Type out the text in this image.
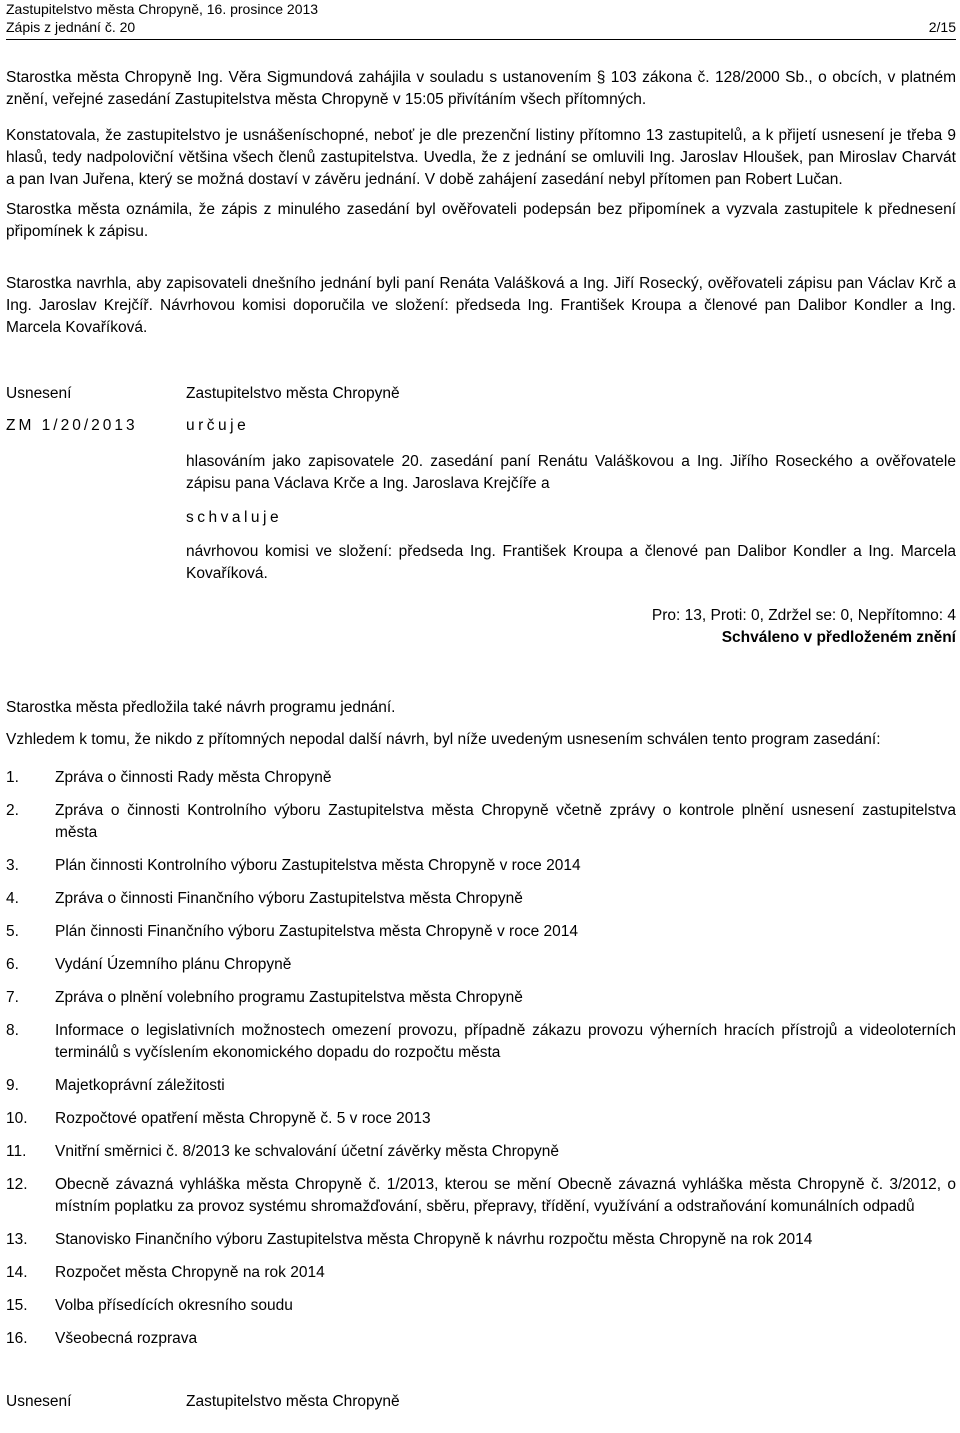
Zastupitelstvo města Chropyně, 16. prosince 2013
Zápis z jednání č. 20	2/15

Starostka města Chropyně Ing. Věra Sigmundová zahájila v souladu s ustanovením § 103 zákona č. 128/2000 Sb., o obcích, v platném znění, veřejné zasedání Zastupitelstva města Chropyně v 15:05 přivítáním všech přítomných.

Konstatovala, že zastupitelstvo je usnášeníschopné, neboť je dle prezenční listiny přítomno 13 zastupitelů, a k přijetí usnesení je třeba 9 hlasů, tedy nadpoloviční většina všech členů zastupitelstva. Uvedla, že z jednání se omluvili Ing. Jaroslav Hloušek, pan Miroslav Charvát a pan Ivan Juřena, který se možná dostaví v závěru jednání. V době zahájení zasedání nebyl přítomen pan Robert Lučan.

Starostka města oznámila, že zápis z minulého zasedání byl ověřovateli podepsán bez připomínek a vyzvala zastupitele k přednesení připomínek k zápisu.

Starostka navrhla, aby zapisovateli dnešního jednání byli paní Renáta Valášková a Ing. Jiří Rosecký, ověřovateli zápisu pan Václav Krč a Ing. Jaroslav Krejčíř. Návrhovou komisi doporučila ve složení: předseda Ing. František Kroupa a členové pan Dalibor Kondler a Ing. Marcela Kovaříková.

Usnesení	Zastupitelstvo města Chropyně
ZM 1/20/2013	určuje

hlasováním jako zapisovatele 20. zasedání paní Renátu Valáškovou a Ing. Jiřího Roseckého a ověřovatele zápisu pana Václava Krče a Ing. Jaroslava Krejčíře a

schvaluje

návrhovou komisi ve složení: předseda Ing. František Kroupa a členové pan Dalibor Kondler a Ing. Marcela Kovaříková.

Pro: 13, Proti: 0, Zdržel se: 0, Nepřítomno: 4
Schváleno v předloženém znění

Starostka města předložila také návrh programu jednání.

Vzhledem k tomu, že nikdo z přítomných nepodal další návrh, byl níže uvedeným usnesením schválen tento program zasedání:

1.	Zpráva o činnosti Rady města Chropyně
2.	Zpráva o činnosti Kontrolního výboru Zastupitelstva města Chropyně včetně zprávy o kontrole plnění usnesení zastupitelstva města
3.	Plán činnosti Kontrolního výboru Zastupitelstva města Chropyně v roce 2014
4.	Zpráva o činnosti Finančního výboru Zastupitelstva města Chropyně
5.	Plán činnosti Finančního výboru Zastupitelstva města Chropyně v roce 2014
6.	Vydání Územního plánu Chropyně
7.	Zpráva o plnění volebního programu Zastupitelstva města Chropyně
8.	Informace o legislativních možnostech omezení provozu, případně zákazu provozu výherních hracích přístrojů a videoloterních terminálů s vyčíslením ekonomického dopadu do rozpočtu města
9.	Majetkoprávní záležitosti
10.	Rozpočtové opatření města Chropyně č. 5 v roce 2013
11.	Vnitřní směrnici č. 8/2013 ke schvalování účetní závěrky města Chropyně
12.	Obecně závazná vyhláška města Chropyně č. 1/2013, kterou se mění Obecně závazná vyhláška města Chropyně č. 3/2012, o místním poplatku za provoz systému shromažďování, sběru, přepravy, třídění, využívání a odstraňování komunálních odpadů
13.	Stanovisko Finančního výboru Zastupitelstva města Chropyně k návrhu rozpočtu města Chropyně na rok 2014
14.	Rozpočet města Chropyně na rok 2014
15.	Volba přísedících okresního soudu
16.	Všeobecná rozprava
Usnesení	Zastupitelstvo města Chropyně
